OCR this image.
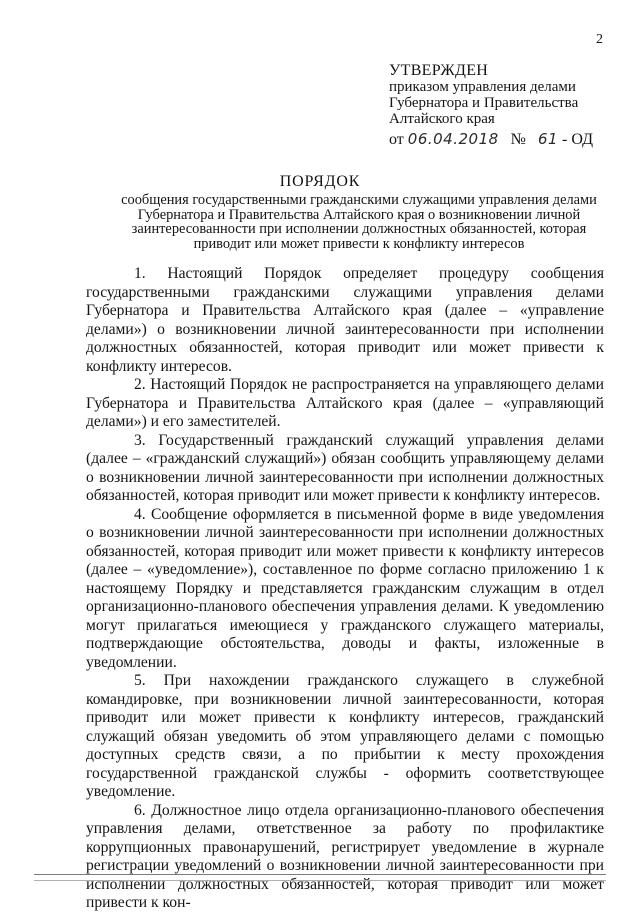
2
УТВЕРЖДЕН
приказом управления делами
Губернатора и Правительства
Алтайского края
от 06.04.2018 № 61 - ОД
ПОРЯДОК
сообщения государственными гражданскими служащими управления делами Губернатора и Правительства Алтайского края о возникновении личной заинтересованности при исполнении должностных обязанностей, которая приводит или может привести к конфликту интересов

1. Настоящий Порядок определяет процедуру сообщения государственными гражданскими служащими управления делами Губернатора и Правительства Алтайского края (далее – «управление делами») о возникновении личной заинтересованности при исполнении должностных обязанностей, которая приводит или может привести к конфликту интересов.

2. Настоящий Порядок не распространяется на управляющего делами Губернатора и Правительства Алтайского края (далее – «управляющий делами») и его заместителей.

3. Государственный гражданский служащий управления делами (далее – «гражданский служащий») обязан сообщить управляющему делами о возникновении личной заинтересованности при исполнении должностных обязанностей, которая приводит или может привести к конфликту интересов.

4. Сообщение оформляется в письменной форме в виде уведомления о возникновении личной заинтересованности при исполнении должностных обязанностей, которая приводит или может привести к конфликту интересов (далее – «уведомление»), составленное по форме согласно приложению 1 к настоящему Порядку и представляется гражданским служащим в отдел организационно-планового обеспечения управления делами. К уведомлению могут прилагаться имеющиеся у гражданского служащего материалы, подтверждающие обстоятельства, доводы и факты, изложенные в уведомлении.

5. При нахождении гражданского служащего в служебной командировке, при возникновении личной заинтересованности, которая приводит или может привести к конфликту интересов, гражданский служащий обязан уведомить об этом управляющего делами с помощью доступных средств связи, а по прибытии к месту прохождения государственной гражданской службы - оформить соответствующее уведомление.

6. Должностное лицо отдела организационно-планового обеспечения управления делами, ответственное за работу по профилактике коррупционных правонарушений, регистрирует уведомление в журнале регистрации уведомлений о возникновении личной заинтересованности при исполнении должностных обязанностей, которая приводит или может привести к кон-
